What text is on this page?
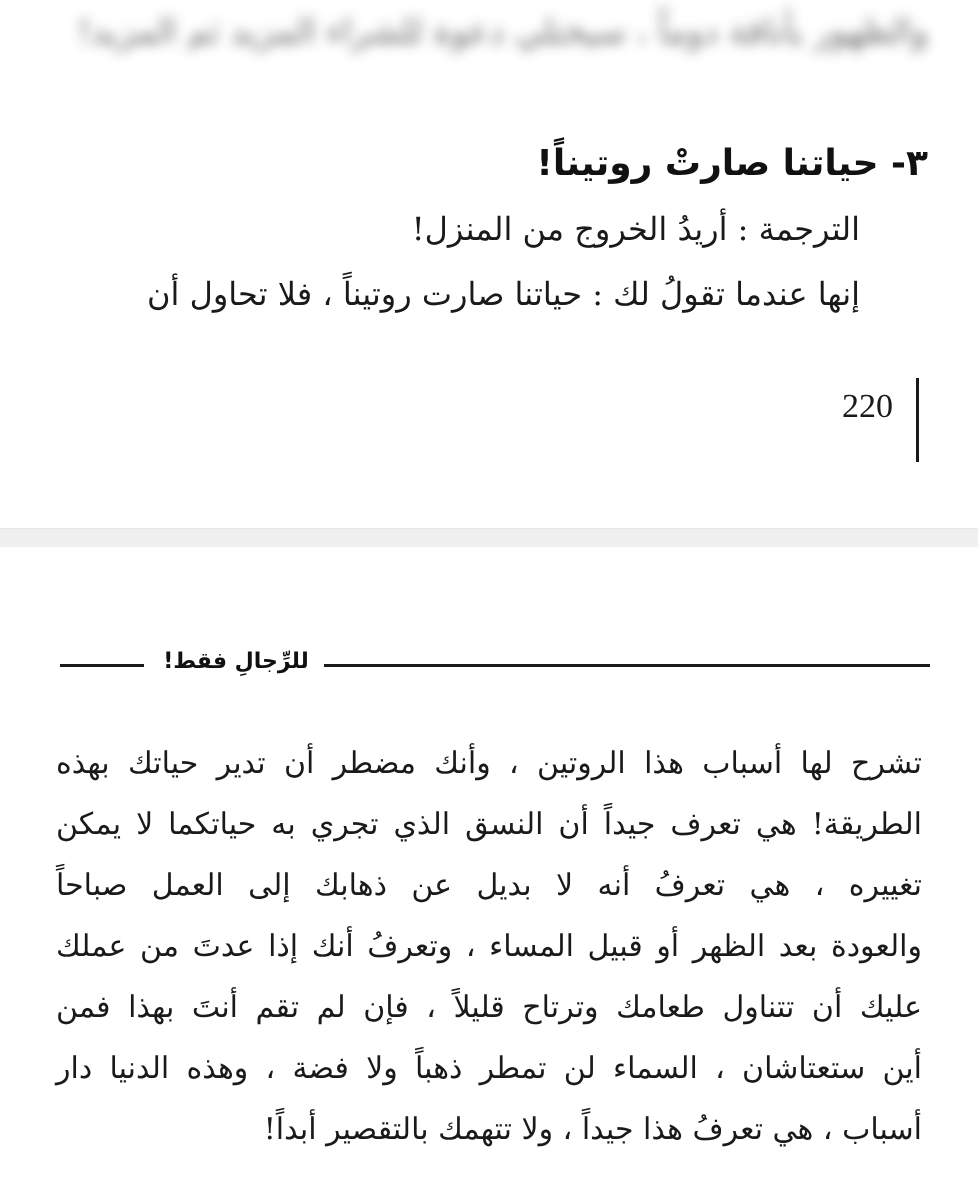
والظهور بأناقة دوماً ، سيختلي دعوة للشراء المزيد ثم المزيد!
٣- حياتنا صارتْ روتيناً!
الترجمة : أريدُ الخروج من المنزل!
إنها عندما تقولُ لك : حياتنا صارت روتيناً ، فلا تحاول أن
220
للرِّجالِ فقط!
تشرح لها أسباب هذا الروتين ، وأنك مضطر أن تدير حياتك بهذه
الطريقة! هي تعرف جيداً أن النسق الذي تجري به حياتكما لا يمكن
تغييره ، هي تعرفُ أنه لا بديل عن ذهابك إلى العمل صباحاً
والعودة بعد الظهر أو قبيل المساء ، وتعرفُ أنك إذا عدتَ من عملك
عليك أن تتناول طعامك وترتاح قليلاً ، فإن لم تقم أنتَ بهذا فمن
أين ستعتاشان ، السماء لن تمطر ذهباً ولا فضة ، وهذه الدنيا دار
أسباب ، هي تعرفُ هذا جيداً ، ولا تتهمك بالتقصير أبداً!
